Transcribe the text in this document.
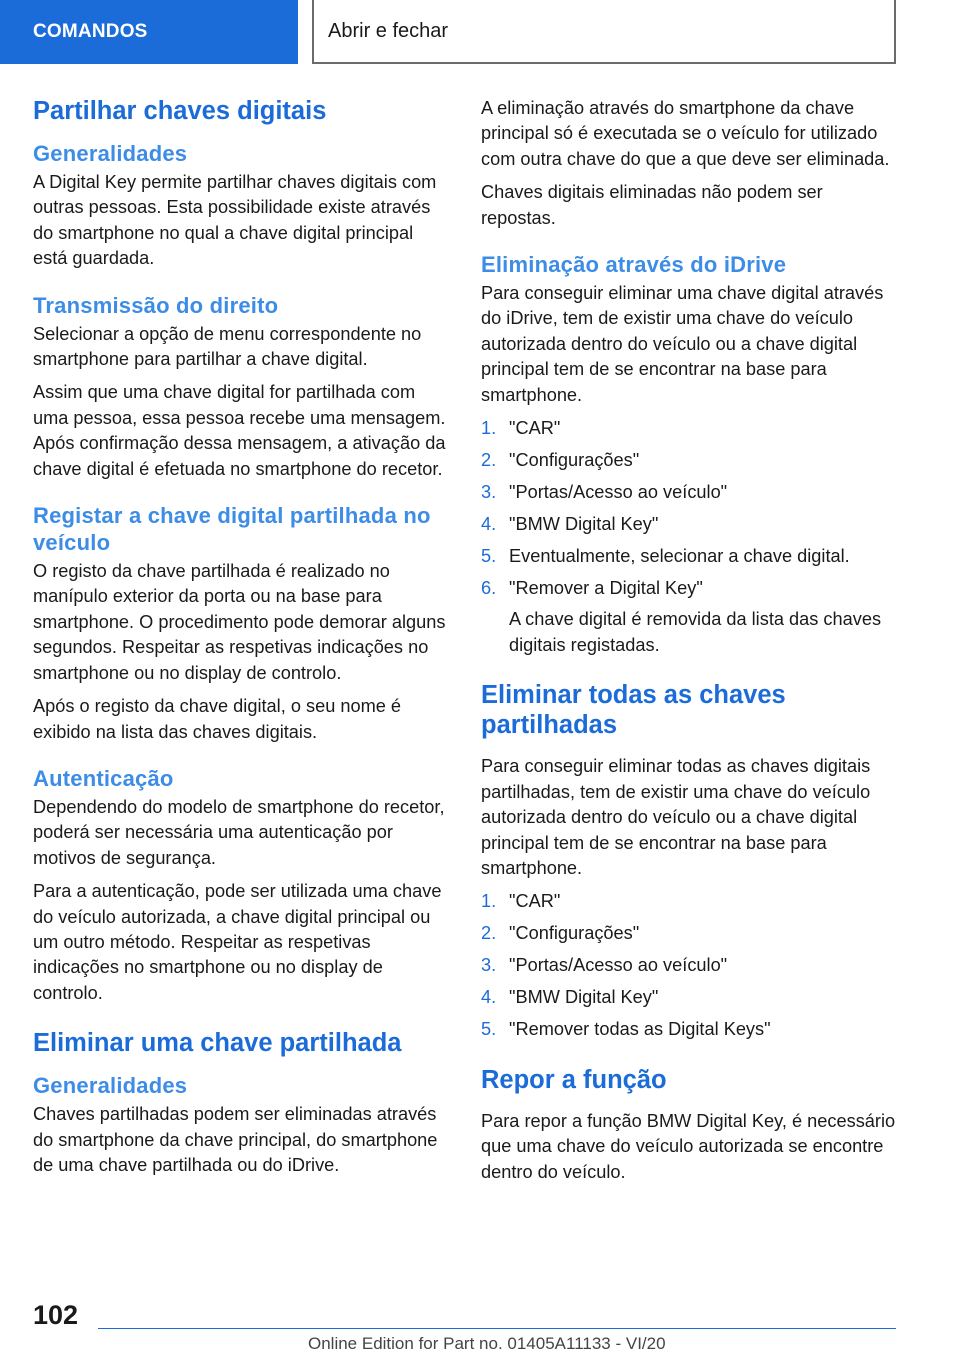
COMANDOS	Abrir e fechar
Partilhar chaves digitais
Generalidades

A Digital Key permite partilhar chaves digitais com outras pessoas. Esta possibilidade existe através do smartphone no qual a chave digital principal está guardada.

Transmissão do direito

Selecionar a opção de menu correspondente no smartphone para partilhar a chave digital.

Assim que uma chave digital for partilhada com uma pessoa, essa pessoa recebe uma mensagem. Após confirmação dessa mensagem, a ativação da chave digital é efetuada no smartphone do recetor.

Registar a chave digital partilhada no veículo

O registo da chave partilhada é realizado no manípulo exterior da porta ou na base para smartphone. O procedimento pode demorar alguns segundos. Respeitar as respetivas indicações no smartphone ou no display de controlo.

Após o registo da chave digital, o seu nome é exibido na lista das chaves digitais.

Autenticação

Dependendo do modelo de smartphone do recetor, poderá ser necessária uma autenticação por motivos de segurança.

Para a autenticação, pode ser utilizada uma chave do veículo autorizada, a chave digital principal ou um outro método. Respeitar as respetivas indicações no smartphone ou no display de controlo.

Eliminar uma chave partilhada
Generalidades

Chaves partilhadas podem ser eliminadas através do smartphone da chave principal, do smartphone de uma chave partilhada ou do iDrive.

A eliminação através do smartphone da chave principal só é executada se o veículo for utilizado com outra chave do que a que deve ser eliminada.

Chaves digitais eliminadas não podem ser repostas.

Eliminação através do iDrive

Para conseguir eliminar uma chave digital através do iDrive, tem de existir uma chave do veículo autorizada dentro do veículo ou a chave digital principal tem de se encontrar na base para smartphone.

1. "CAR"
2. "Configurações"
3. "Portas/Acesso ao veículo"
4. "BMW Digital Key"
5. Eventualmente, selecionar a chave digital.
6. "Remover a Digital Key"
A chave digital é removida da lista das chaves digitais registadas.
Eliminar todas as chaves partilhadas

Para conseguir eliminar todas as chaves digitais partilhadas, tem de existir uma chave do veículo autorizada dentro do veículo ou a chave digital principal tem de se encontrar na base para smartphone.

1. "CAR"
2. "Configurações"
3. "Portas/Acesso ao veículo"
4. "BMW Digital Key"
5. "Remover todas as Digital Keys"
Repor a função

Para repor a função BMW Digital Key, é necessário que uma chave do veículo autorizada se encontre dentro do veículo.

102
Online Edition for Part no. 01405A11133 - VI/20
